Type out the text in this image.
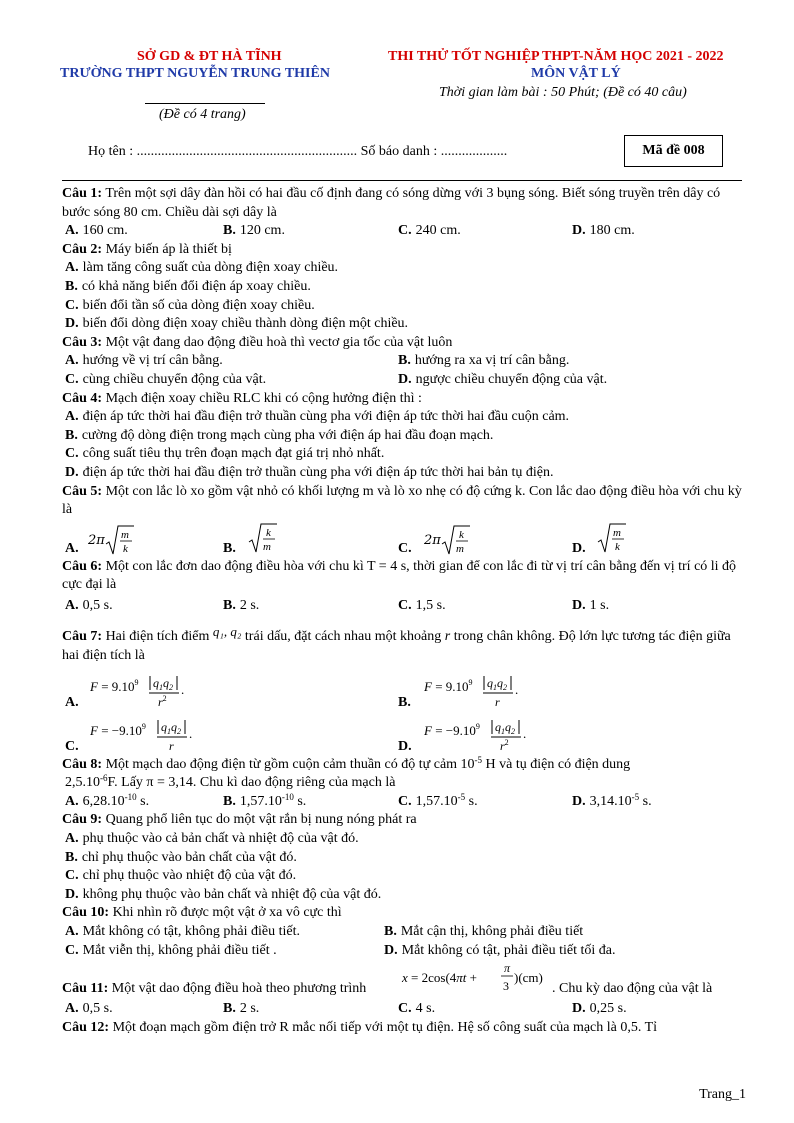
SỞ GD & ĐT HÀ TĨNH
TRƯỜNG THPT NGUYỄN TRUNG THIÊN
THI THỬ TỐT NGHIỆP THPT-NĂM HỌC 2021 - 2022
MÔN VẬT LÝ
Thời gian làm bài : 50 Phút; (Đề có 40 câu)
(Đề có 4 trang)
Họ tên : ............................................................... Số báo danh : ...................	Mã đề 008
Câu 1: Trên một sợi dây đàn hồi có hai đầu cố định đang có sóng dừng với 3 bụng sóng. Biết sóng truyền trên dây có bước sóng 80 cm. Chiều dài sợi dây là
A. 160 cm.	B. 120 cm.	C. 240 cm.	D. 180 cm.
Câu 2: Máy biến áp là thiết bị
A. làm tăng công suất của dòng điện xoay chiều.
B. có khả năng biến đổi điện áp xoay chiều.
C. biến đổi tần số của dòng điện xoay chiều.
D. biến đổi dòng điện xoay chiều thành dòng điện một chiều.
Câu 3: Một vật đang dao động điều hoà thì vectơ gia tốc của vật luôn
A. hướng về vị trí cân bằng.	B. hướng ra xa vị trí cân bằng.
C. cùng chiều chuyển động của vật.	D. ngược chiều chuyển động của vật.
Câu 4: Mạch điện xoay chiều RLC khi có cộng hưởng điện thì :
A. điện áp tức thời hai đầu điện trở thuần cùng pha với điện áp tức thời hai đầu cuộn cảm.
B. cường độ dòng điện trong mạch cùng pha với điện áp hai đầu đoạn mạch.
C. công suất tiêu thụ trên đoạn mạch đạt giá trị nhỏ nhất.
D. điện áp tức thời hai đầu điện trở thuần cùng pha với điện áp tức thời hai bản tụ điện.
Câu 5: Một con lắc lò xo gồm vật nhỏ có khối lượng m và lò xo nhẹ có độ cứng k. Con lắc dao động điều hòa với chu kỳ là
A.
2π m
k	B.
k
m	C.
2π k
m	D.
m
k
Câu 6: Một con lắc đơn dao động điều hòa với chu kì T = 4 s, thời gian để con lắc đi từ vị trí cân bằng đến vị trí có li độ cực đại là
A. 0,5 s.	B. 2 s.	C. 1,5 s.	D. 1 s.
Câu 7: Hai điện tích điểm q₁, q₂ trái dấu, đặt cách nhau một khoảng r trong chân không. Độ lớn lực tương tác điện giữa hai điện tích là
A.
$F = 9.10^9$ $q_1q_2$
$r^2$
.
B.
$F = 9.10^9$ $q_1q_2$
r
.
C.
$F = -9.10^9$ $q_1q_2$
r
.
D.
$F = -9.10^9$ $q_1q_2$
$r^2$
.
Câu 8: Một mạch dao động điện từ gồm cuộn cảm thuần có độ tự cảm $10^{-5}$ H và tụ điện có điện dung
$2,5.10^{-6}F$. Lấy π = 3,14. Chu kì dao động riêng của mạch là
A. $6,28.10^{-10}$ s.	B. $1,57.10^{-10}$ s.	C. $1,57.10^{-5}$ s.	D. $3,14.10^{-5}$ s.
Câu 9: Quang phổ liên tục do một vật rắn bị nung nóng phát ra
A. phụ thuộc vào cả bản chất và nhiệt độ của vật đó.
B. chỉ phụ thuộc vào bản chất của vật đó.
C. chỉ phụ thuộc vào nhiệt độ của vật đó.
D. không phụ thuộc vào bản chất và nhiệt độ của vật đó.
Câu 10: Khi nhìn rõ được một vật ở xa vô cực thì
A. Mắt không có tật, không phải điều tiết.	B. Mắt cận thị, không phải điều tiết
C. Mắt viễn thị, không phải điều tiết .	D. Mắt không có tật, phải điều tiết tối đa.
Câu 11: Một vật dao động điều hoà theo phương trình
x = 2cos(4πt +
π
3
)(cm)
. Chu kỳ dao động của vật là
A. 0,5 s.	B. 2 s.	C. 4 s.	D. 0,25 s.
Câu 12: Một đoạn mạch gồm điện trở R mắc nối tiếp với một tụ điện. Hệ số công suất của mạch là 0,5. Tỉ
Trang_1
